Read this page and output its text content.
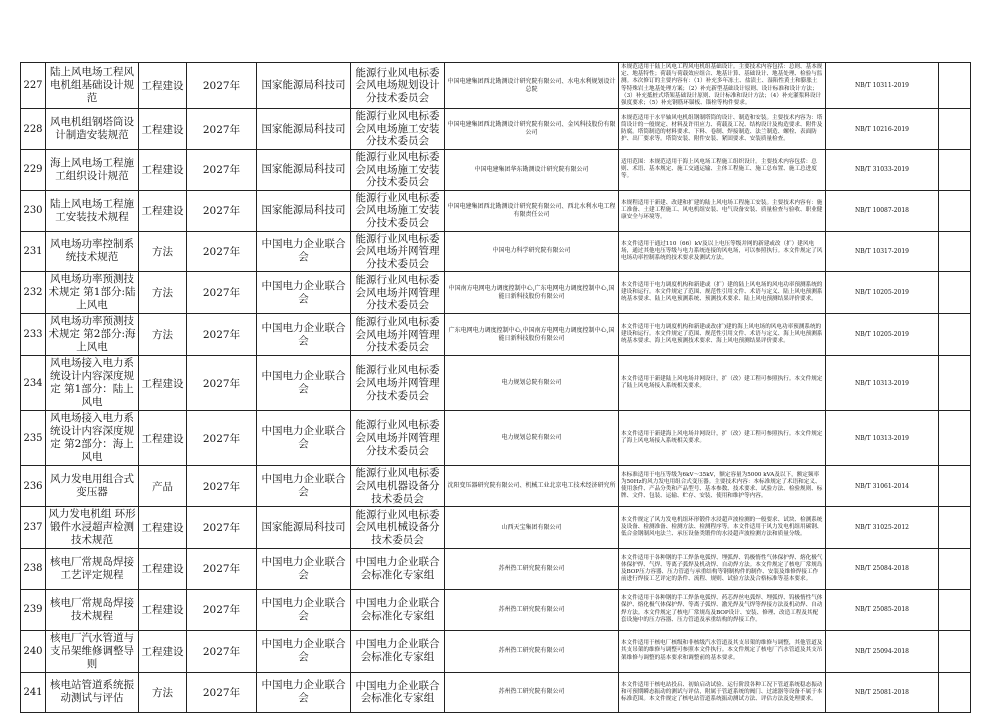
227	陆上风电场工程风电机组基础设计规范	工程建设	2027年	国家能源局科技司	能源行业风电标委会风电场规划设计分技术委员会	中国电建集团西北勘测设计研究院有限公司、水电水利规划设计总院	本规范适用于陆上风电工程风电机组基础设计。主要技术内容包括：总则、基本规定、地基特性；荷载与荷载效应组合、地基计算、基础设计、地基处理、检验与监测。本次修订的主要内容有：（1）补充多年冻土、盐渍土、湿陷性黄土和膨胀土等特殊岩土地基处理方案；（2）补充新型基础设计原则、设计标准和设计方法；（3）补充抵桩式塔架基础设计原则、设计标准和设计方法；（4）补充灌浆料设计强度要求；（5）补充钢筋环锚板、锚栓等构件要求。	NB/T 10311-2019	
228	风电机组钢塔筒设计制造安装规范	工程建设	2027年	国家能源局科技司	能源行业风电标委会风电场施工安装分技术委员会	中国电建集团西北勘测设计研究院有限公司、金风科技股份有限公司	本规范适用于水平轴风电机组钢制塔筒的设计、制造和安装。主要技术内容为：塔筒设计的一般规定、材料及许用应力、荷载及工况、结构设计及构造要求、附件及防腐。塔筒制造的材料要求、下料、卷制、焊接制造、法兰制造、螺栓、表面防护、出厂要求等。塔筒安装、附件安装、紧固要求、安装质量检查。	NB/T 10216-2019	
229	海上风电场工程施工组织设计规范	工程建设	2027年	国家能源局科技司	能源行业风电标委会风电场施工安装分技术委员会	中国电建集团华东勘测设计研究院有限公司	适用范围：本规范适用于海上风电场工程施工组织设计。主要技术内容包括：总则、术语、基本规定、施工交通运输、主体工程施工、施工总布置、施工总进度等。	NB/T 31033-2019	
230	陆上风电场工程施工安装技术规程	工程建设	2027年	国家能源局科技司	能源行业风电标委会风电场施工安装分技术委员会	中国电建集团西北勘测设计研究院有限公司、西北水利水电工程有限责任公司	本规程适用于新建、改建和扩建的陆上风电场工程施工安装。主要技术内容有：施工准备、土建工程施工、风电机组安装、电气设备安装、质量检查与验收、职业健康安全与环境等。	NB/T 10087-2018	
231	风电场功率控制系统技术规范	方法	2027年	中国电力企业联合会	能源行业风电标委会风电场并网管理分技术委员会	中国电力科学研究院有限公司	本文件适用于通过110（66）kV及以上电压等级并网的新建或改（扩）建风电场，通过其他电压等级与电力系统连接的风电场，可以参照执行。本文件规定了风电场功率控制系统的技术要求及测试方法。	NB/T 10317-2019	
232	风电场功率预测技术规定 第1部分:陆上风电	方法	2027年	中国电力企业联合会	能源行业风电标委会风电场并网管理分技术委员会	中国南方电网电力调度控制中心,广东电网电力调度控制中心,国能日新科技股份有限公司	本文件适用于电力调度机构和新建或（扩）建的陆上风电场的风电功率预测系统的建设和运行。本文件规定了范围、规范性引用文件、术语与定义、陆上风电预测系统基本要求、陆上风电预测系统、预测技术要求、陆上风电预测结果评价要求。	NB/T 10205-2019	
233	风电场功率预测技术规定 第2部分:海上风电	方法	2027年	中国电力企业联合会	能源行业风电标委会风电场并网管理分技术委员会	广东电网电力调度控制中心,中国南方电网电力调度控制中心,国能日新科技股份有限公司	本文件适用于电力调度机构和新建或改(扩)建的海上风电场的风电功率预测系统的建设和运行。本文件规定了范围、规范性引用文件、术语与定义、海上风电预测系统基本要求、海上风电预测技术要求、海上风电预测结果评价要求。	NB/T 10205-2019	
234	风电场接入电力系统设计内容深度规定 第1部分：陆上风电	工程建设	2027年	中国电力企业联合会	能源行业风电标委会风电场并网管理分技术委员会	电力规划总院有限公司	本文件适用于新建陆上风电场并网设计，扩（改）建工程可参照执行。本文件规定了陆上风电场接入系统相关要求。	NB/T 10313-2019	
235	风电场接入电力系统设计内容深度规定 第2部分：海上风电	工程建设	2027年	中国电力企业联合会	能源行业风电标委会风电场并网管理分技术委员会	电力规划总院有限公司	本文件适用于新建海上风电场并网设计，扩（改）建工程可参照执行。本文件规定了海上风电场接入系统相关要求。	NB/T 10313-2019	
236	风力发电用组合式变压器	产品	2027年	中国电力企业联合会	能源行业风电标委会风电机器设备分技术委员会	沈阳变压器研究院有限公司、机械工业北京电工技术经济研究所	本标准适用于电压等级为6kV～35kV，额定容量为5000 kVA及以下，额定频率为50Hz的风力发电用组合式变压器。主要技术内容：本标准规定了术语和定义、使用条件、产品分类和产品型号、基本参数、技术要求、试验方法、检验规则、标牌、文件、包装、运输、贮存、安装、使用和维护等内容。	NB/T 31061-2014	
237	风力发电机组 环形锻件水浸超声检测技术规范	工程建设	2027年	国家能源局科技司	能源行业风电标委会风电机械设备分技术委员会	山西天宝集团有限公司	本文件规定了风力发电机组环形锻件水浸超声波检测的一般要求、试块、检测系统及设备、检测准备、检测方法、检测程序等。本文件适用于风力发电机组用碳钢、低合金钢制风电法兰、承压设备类锻件的水浸超声波检测方法和质量分级。	NB/T 31025-2012	
238	核电厂常规岛焊接工艺评定规程	工程建设	2027年	中国电力企业联合会	中国电力企业联合会标准化专家组	苏州热工研究院有限公司	本文件适用于各种钢的手工焊条电弧焊、埋弧焊、钨极惰性气体保护焊、熔化极气体保护焊、气焊、等离子弧焊及机动焊、自动焊方法。本文件规定了核电厂常规岛及BOP压力容器、压力管道与承重结构等钢制构件的制作、安装及维修焊接工作前进行焊接工艺评定的条件、流程、规则、试验方法及合格标准等基本要求。	NB/T 25084-2018	
239	核电厂常规岛焊接技术规程	工程建设	2027年	中国电力企业联合会	中国电力企业联合会标准化专家组	苏州热工研究院有限公司	本文件适用于各种钢的手工焊条电弧焊、药芯焊丝电弧焊、埋弧焊、钨极惰性气体保护、熔化极气体保护焊、等离子弧焊、激光焊及气焊等焊接方法及机动焊、自动焊方法。本文件规定了核电厂常规岛及BOP设计、安装、修理、改造工程及其配套设施中的压力容器、压力管道及承重结构的焊接工作。	NB/T 25085-2018	
240	核电厂汽水管道与支吊架维修调整导则	工程建设	2027年	中国电力企业联合会	中国电力企业联合会标准化专家组	苏州热工研究院有限公司	本文件适用于核电厂核级和非核级汽水管道及其支吊架的维修与调整，其他管道及其支吊架的维修与调整可参照本文件执行。本文件规定了核电厂汽水管道及其支吊架维修与调整的基本要求和调整前的基本要求。	NB/T 25094-2018	
241	核电站管道系统振动测试与评估	方法	2027年	中国电力企业联合会	中国电力企业联合会标准化专家组	苏州热工研究院有限公司	本文件适用于核电站投启、初始启动试验、运行阶段各种工况下管道系统稳态振动和可预期瞬态振动的测试与评估，附属于管道系统的阀门、过滤器等设备不属于本标准范围。本文件规定了核电站管道系统振动测试方法、评估方法及处理要求。	NB/T 25081-2018	
